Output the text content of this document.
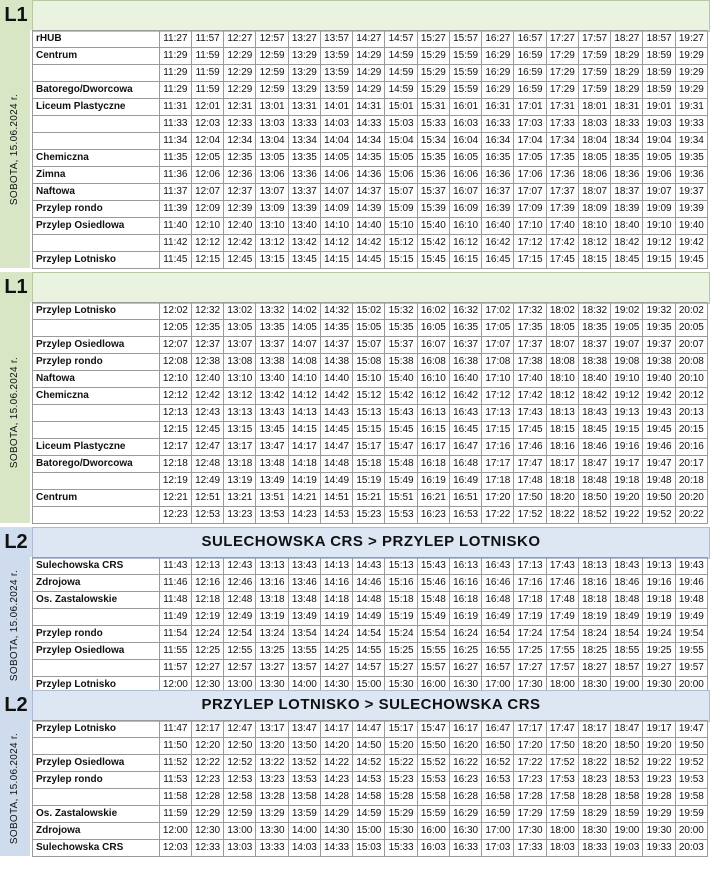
L1
SOBOTA, 15.06.2024 r.
rHUB	11:27	11:57	12:27	12:57	13:27	13:57	14:27	14:57	15:27	15:57	16:27	16:57	17:27	17:57	18:27	18:57	19:27
Centrum	11:29	11:59	12:29	12:59	13:29	13:59	14:29	14:59	15:29	15:59	16:29	16:59	17:29	17:59	18:29	18:59	19:29
	11:29	11:59	12:29	12:59	13:29	13:59	14:29	14:59	15:29	15:59	16:29	16:59	17:29	17:59	18:29	18:59	19:29
Batorego/Dworcowa	11:29	11:59	12:29	12:59	13:29	13:59	14:29	14:59	15:29	15:59	16:29	16:59	17:29	17:59	18:29	18:59	19:29
Liceum Plastyczne	11:31	12:01	12:31	13:01	13:31	14:01	14:31	15:01	15:31	16:01	16:31	17:01	17:31	18:01	18:31	19:01	19:31
	11:33	12:03	12:33	13:03	13:33	14:03	14:33	15:03	15:33	16:03	16:33	17:03	17:33	18:03	18:33	19:03	19:33
	11:34	12:04	12:34	13:04	13:34	14:04	14:34	15:04	15:34	16:04	16:34	17:04	17:34	18:04	18:34	19:04	19:34
Chemiczna	11:35	12:05	12:35	13:05	13:35	14:05	14:35	15:05	15:35	16:05	16:35	17:05	17:35	18:05	18:35	19:05	19:35
Zimna	11:36	12:06	12:36	13:06	13:36	14:06	14:36	15:06	15:36	16:06	16:36	17:06	17:36	18:06	18:36	19:06	19:36
Naftowa	11:37	12:07	12:37	13:07	13:37	14:07	14:37	15:07	15:37	16:07	16:37	17:07	17:37	18:07	18:37	19:07	19:37
Przylep rondo	11:39	12:09	12:39	13:09	13:39	14:09	14:39	15:09	15:39	16:09	16:39	17:09	17:39	18:09	18:39	19:09	19:39
Przylep Osiedlowa	11:40	12:10	12:40	13:10	13:40	14:10	14:40	15:10	15:40	16:10	16:40	17:10	17:40	18:10	18:40	19:10	19:40
	11:42	12:12	12:42	13:12	13:42	14:12	14:42	15:12	15:42	16:12	16:42	17:12	17:42	18:12	18:42	19:12	19:42
Przylep Lotnisko	11:45	12:15	12:45	13:15	13:45	14:15	14:45	15:15	15:45	16:15	16:45	17:15	17:45	18:15	18:45	19:15	19:45
L1
SOBOTA, 15.06.2024 r.
Przylep Lotnisko	12:02	12:32	13:02	13:32	14:02	14:32	15:02	15:32	16:02	16:32	17:02	17:32	18:02	18:32	19:02	19:32	20:02
	12:05	12:35	13:05	13:35	14:05	14:35	15:05	15:35	16:05	16:35	17:05	17:35	18:05	18:35	19:05	19:35	20:05
Przylep Osiedlowa	12:07	12:37	13:07	13:37	14:07	14:37	15:07	15:37	16:07	16:37	17:07	17:37	18:07	18:37	19:07	19:37	20:07
Przylep rondo	12:08	12:38	13:08	13:38	14:08	14:38	15:08	15:38	16:08	16:38	17:08	17:38	18:08	18:38	19:08	19:38	20:08
Naftowa	12:10	12:40	13:10	13:40	14:10	14:40	15:10	15:40	16:10	16:40	17:10	17:40	18:10	18:40	19:10	19:40	20:10
Chemiczna	12:12	12:42	13:12	13:42	14:12	14:42	15:12	15:42	16:12	16:42	17:12	17:42	18:12	18:42	19:12	19:42	20:12
	12:13	12:43	13:13	13:43	14:13	14:43	15:13	15:43	16:13	16:43	17:13	17:43	18:13	18:43	19:13	19:43	20:13
	12:15	12:45	13:15	13:45	14:15	14:45	15:15	15:45	16:15	16:45	17:15	17:45	18:15	18:45	19:15	19:45	20:15
Liceum Plastyczne	12:17	12:47	13:17	13:47	14:17	14:47	15:17	15:47	16:17	16:47	17:16	17:46	18:16	18:46	19:16	19:46	20:16
Batorego/Dworcowa	12:18	12:48	13:18	13:48	14:18	14:48	15:18	15:48	16:18	16:48	17:17	17:47	18:17	18:47	19:17	19:47	20:17
	12:19	12:49	13:19	13:49	14:19	14:49	15:19	15:49	16:19	16:49	17:18	17:48	18:18	18:48	19:18	19:48	20:18
Centrum	12:21	12:51	13:21	13:51	14:21	14:51	15:21	15:51	16:21	16:51	17:20	17:50	18:20	18:50	19:20	19:50	20:20
	12:23	12:53	13:23	13:53	14:23	14:53	15:23	15:53	16:23	16:53	17:22	17:52	18:22	18:52	19:22	19:52	20:22
L2	SULECHOWSKA CRS > PRZYLEP LOTNISKO
SOBOTA, 15.06.2024 r.
Sulechowska CRS	11:43	12:13	12:43	13:13	13:43	14:13	14:43	15:13	15:43	16:13	16:43	17:13	17:43	18:13	18:43	19:13	19:43
Zdrojowa	11:46	12:16	12:46	13:16	13:46	14:16	14:46	15:16	15:46	16:16	16:46	17:16	17:46	18:16	18:46	19:16	19:46
Os. Zastalowskie	11:48	12:18	12:48	13:18	13:48	14:18	14:48	15:18	15:48	16:18	16:48	17:18	17:48	18:18	18:48	19:18	19:48
	11:49	12:19	12:49	13:19	13:49	14:19	14:49	15:19	15:49	16:19	16:49	17:19	17:49	18:19	18:49	19:19	19:49
Przylep rondo	11:54	12:24	12:54	13:24	13:54	14:24	14:54	15:24	15:54	16:24	16:54	17:24	17:54	18:24	18:54	19:24	19:54
Przylep Osiedlowa	11:55	12:25	12:55	13:25	13:55	14:25	14:55	15:25	15:55	16:25	16:55	17:25	17:55	18:25	18:55	19:25	19:55
	11:57	12:27	12:57	13:27	13:57	14:27	14:57	15:27	15:57	16:27	16:57	17:27	17:57	18:27	18:57	19:27	19:57
Przylep Lotnisko	12:00	12:30	13:00	13:30	14:00	14:30	15:00	15:30	16:00	16:30	17:00	17:30	18:00	18:30	19:00	19:30	20:00
L2	PRZYLEP LOTNISKO > SULECHOWSKA CRS
SOBOTA, 15.06.2024 r.
Przylep Lotnisko	11:47	12:17	12:47	13:17	13:47	14:17	14:47	15:17	15:47	16:17	16:47	17:17	17:47	18:17	18:47	19:17	19:47
	11:50	12:20	12:50	13:20	13:50	14:20	14:50	15:20	15:50	16:20	16:50	17:20	17:50	18:20	18:50	19:20	19:50
Przylep Osiedlowa	11:52	12:22	12:52	13:22	13:52	14:22	14:52	15:22	15:52	16:22	16:52	17:22	17:52	18:22	18:52	19:22	19:52
Przylep rondo	11:53	12:23	12:53	13:23	13:53	14:23	14:53	15:23	15:53	16:23	16:53	17:23	17:53	18:23	18:53	19:23	19:53
	11:58	12:28	12:58	13:28	13:58	14:28	14:58	15:28	15:58	16:28	16:58	17:28	17:58	18:28	18:58	19:28	19:58
Os. Zastalowskie	11:59	12:29	12:59	13:29	13:59	14:29	14:59	15:29	15:59	16:29	16:59	17:29	17:59	18:29	18:59	19:29	19:59
Zdrojowa	12:00	12:30	13:00	13:30	14:00	14:30	15:00	15:30	16:00	16:30	17:00	17:30	18:00	18:30	19:00	19:30	20:00
Sulechowska CRS	12:03	12:33	13:03	13:33	14:03	14:33	15:03	15:33	16:03	16:33	17:03	17:33	18:03	18:33	19:03	19:33	20:03
